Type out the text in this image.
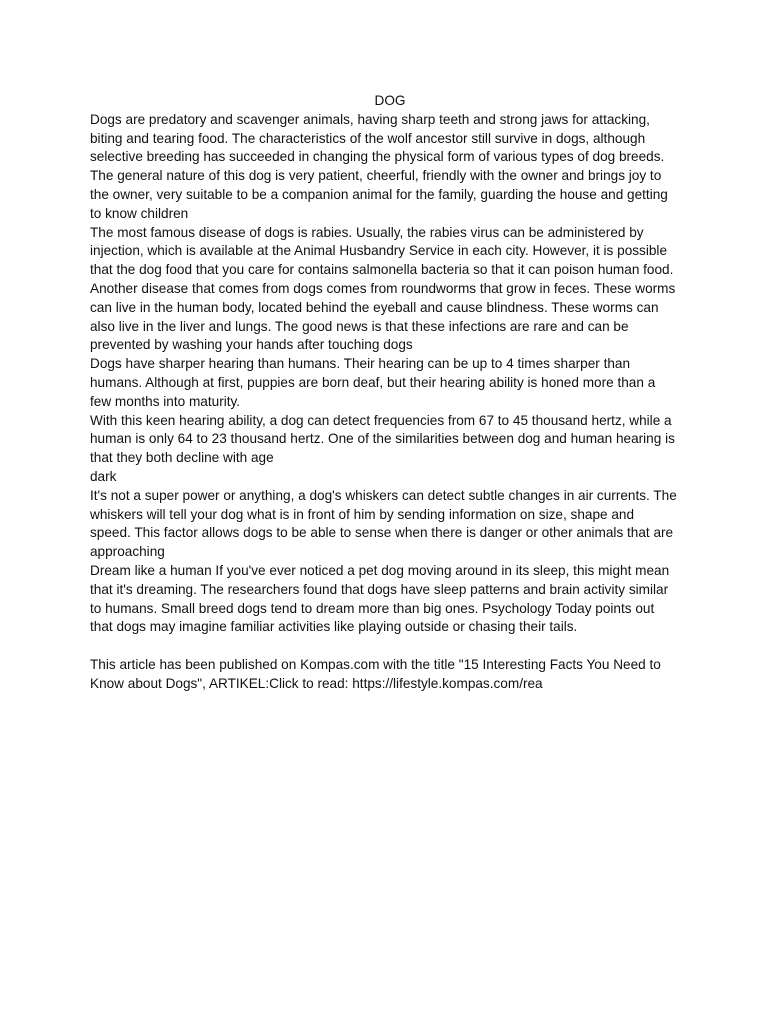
DOG

Dogs are predatory and scavenger animals, having sharp teeth and strong jaws for attacking, biting and tearing food. The characteristics of the wolf ancestor still survive in dogs, although selective breeding has succeeded in changing the physical form of various types of dog breeds. The general nature of this dog is very patient, cheerful, friendly with the owner and brings joy to the owner, very suitable to be a companion animal for the family, guarding the house and getting to know children

The most famous disease of dogs is rabies. Usually, the rabies virus can be administered by injection, which is available at the Animal Husbandry Service in each city. However, it is possible that the dog food that you care for contains salmonella bacteria so that it can poison human food.

Another disease that comes from dogs comes from roundworms that grow in feces. These worms can live in the human body, located behind the eyeball and cause blindness. These worms can also live in the liver and lungs. The good news is that these infections are rare and can be prevented by washing your hands after touching dogs

Dogs have sharper hearing than humans. Their hearing can be up to 4 times sharper than humans. Although at first, puppies are born deaf, but their hearing ability is honed more than a few months into maturity.

With this keen hearing ability, a dog can detect frequencies from 67 to 45 thousand hertz, while a human is only 64 to 23 thousand hertz. One of the similarities between dog and human hearing is that they both decline with age

dark

It's not a super power or anything, a dog's whiskers can detect subtle changes in air currents. The whiskers will tell your dog what is in front of him by sending information on size, shape and speed. This factor allows dogs to be able to sense when there is danger or other animals that are approaching

Dream like a human If you've ever noticed a pet dog moving around in its sleep, this might mean that it's dreaming. The researchers found that dogs have sleep patterns and brain activity similar to humans. Small breed dogs tend to dream more than big ones. Psychology Today points out that dogs may imagine familiar activities like playing outside or chasing their tails.

This article has been published on Kompas.com with the title "15 Interesting Facts You Need to Know about Dogs", ARTIKEL:Click to read: https://lifestyle.kompas.com/rea
